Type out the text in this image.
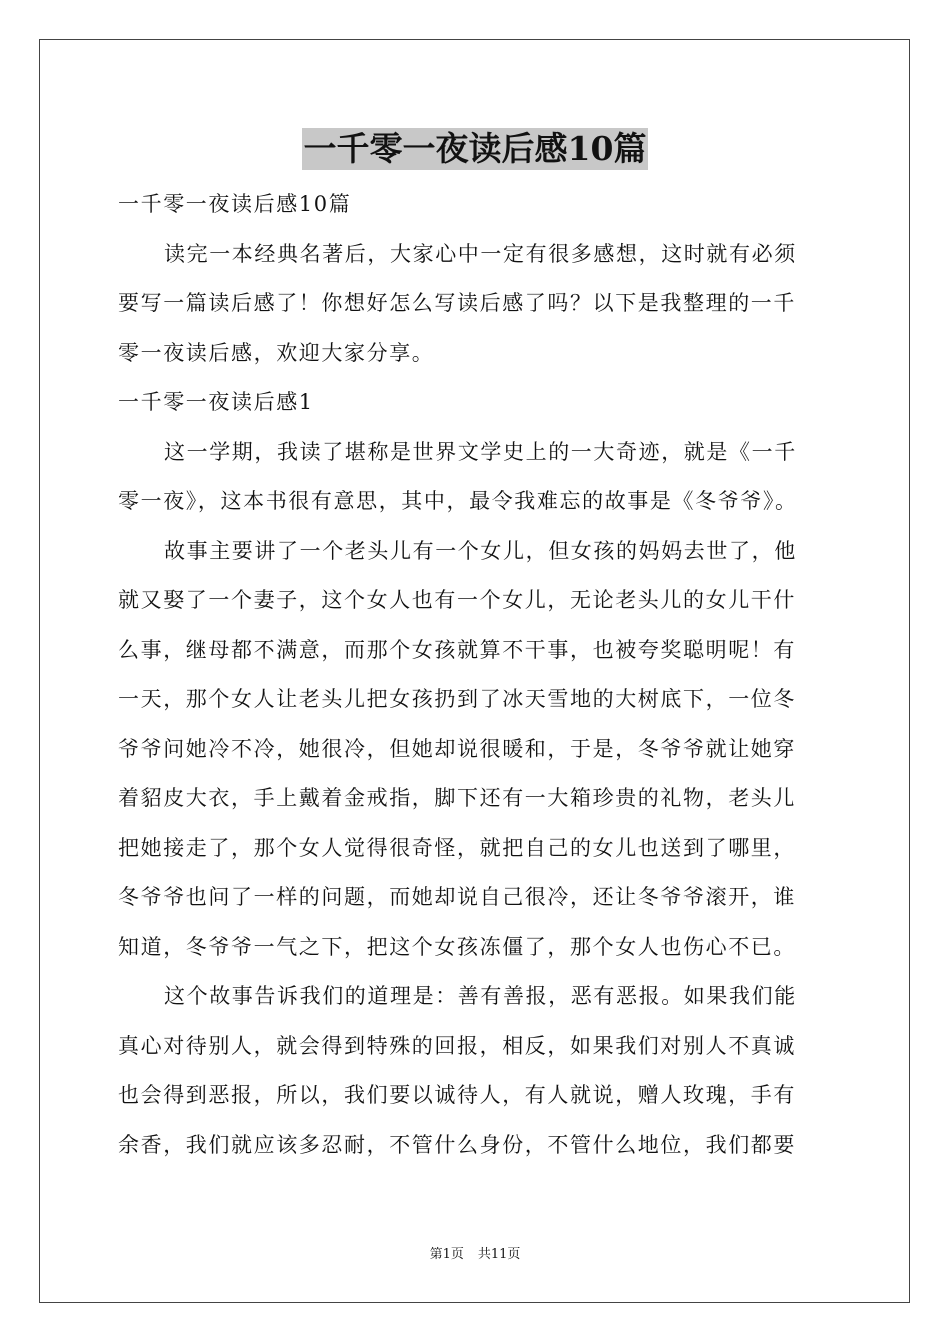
一千零一夜读后感10篇
一千零一夜读后感10篇
读完一本经典名著后，大家心中一定有很多感想，这时就有必须
要写一篇读后感了！你想好怎么写读后感了吗？以下是我整理的一千
零一夜读后感，欢迎大家分享。
一千零一夜读后感1
这一学期，我读了堪称是世界文学史上的一大奇迹，就是《一千
零一夜》，这本书很有意思，其中，最令我难忘的故事是《冬爷爷》。
故事主要讲了一个老头儿有一个女儿，但女孩的妈妈去世了，他
就又娶了一个妻子，这个女人也有一个女儿，无论老头儿的女儿干什
么事，继母都不满意，而那个女孩就算不干事，也被夸奖聪明呢！有
一天，那个女人让老头儿把女孩扔到了冰天雪地的大树底下，一位冬
爷爷问她冷不冷，她很冷，但她却说很暖和，于是，冬爷爷就让她穿
着貂皮大衣，手上戴着金戒指，脚下还有一大箱珍贵的礼物，老头儿
把她接走了，那个女人觉得很奇怪，就把自己的女儿也送到了哪里，
冬爷爷也问了一样的问题，而她却说自己很冷，还让冬爷爷滚开，谁
知道，冬爷爷一气之下，把这个女孩冻僵了，那个女人也伤心不已。
这个故事告诉我们的道理是：善有善报，恶有恶报。如果我们能
真心对待别人，就会得到特殊的回报，相反，如果我们对别人不真诚
也会得到恶报，所以，我们要以诚待人，有人就说，赠人玫瑰，手有
余香，我们就应该多忍耐，不管什么身份，不管什么地位，我们都要
第1页 共11页
